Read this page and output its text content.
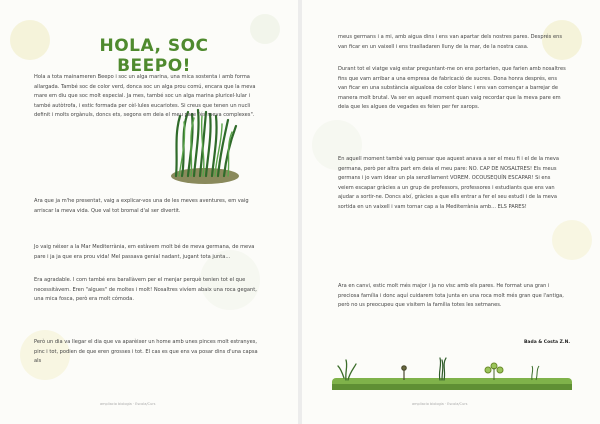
HOLA, SOC BEEPO!
Hola a tota mainameren Beepo i soc un alga marina, una mica sostenta i amb forma allargada. També soc de color verd, donca soc un alga prou comú, encara que la meva mare em diu que soc molt especial. Ja mes, també soc un alga marina pluricel·lular i també autòtrofa, i estic formada per cèl·lules eucariotes. Si creus que tenen un nucli definit i molts orgànuls, doncs ets, segons em deia el meu pare "és meva complexes".
Ara que ja m'he presentat, vaig a explicar-vos una de les meves aventures, em vaig arriscar la meva vida. Que val tot bromal d'al ser divertit.
Jo vaig néixer a la Mar Mediterrània, em estàvem molt bé de meva germana, de meva pare i ja ja que era prou vida! Mel passava genial nadant, jugant tota junta...
Era agradable. I com també ens barallàvem per el menjar perquè tenien tot el que necessitàvem. Eren "algues" de moltes i molt! Nosaltres vivíem abaix una roca gegant, una mica fosca, però era molt cómoda.
Però un dia va llegar el dia que va aparèixer un home amb unes pinces molt estranyes, pinc i tot, podien de que eren grosses i tot. El cas es que ens va posar dins d'una capsa als
ampliacio biologia · Escola/Curs
meus germans i a mi, amb aigua dins i ens van apartar dels nostres pares. Després ens van ficar en un vaixell i ens traslladaren lluny de la mar, de la nostra casa.
Durant tot el viatge vaig estar preguntant-me on ens portarien, que farien amb nosaltres fins que vam arribar a una empresa de fabricació de sucres. Dona honra després, ens van ficar en una substància aigualosa de color blanc i ens van començar a barrejar de manera molt brutal. Va ser en aquell moment quan vaig recordar que la meva pare em deia que les algues de vegades es feien per fer xarops.
En aquell moment també vaig pensar que aquest anava a ser el meu fi i el de la meva germana, però per altra part em deia el meu pare: NO. CAP DE NOSALTRES! Els meus germans i jo vam idear un pla senzillament VOREM. OCOUSEQUÍN ESCAPAR! Si ens veiem escapar gràcies a un grup de professors, professores i estudiants que ens van ajudar a sortir-ne. Doncs així, gràcies a que ells entrar a fer el seu estudi i de la meva sortida en un vaixell i vam tornar cap a la Mediterrània amb... ELS PARES!
Ara en canvi, estic molt més major i ja no visc amb els pares. He format una gran i preciosa família i donc aquí cuidarem tota junta en una roca molt més gran que l'antiga, però no us preocupeu que visitem la família totes les setmanes.
Bada & Costa Z.N.
ampliacio biologia · Escola/Curs
